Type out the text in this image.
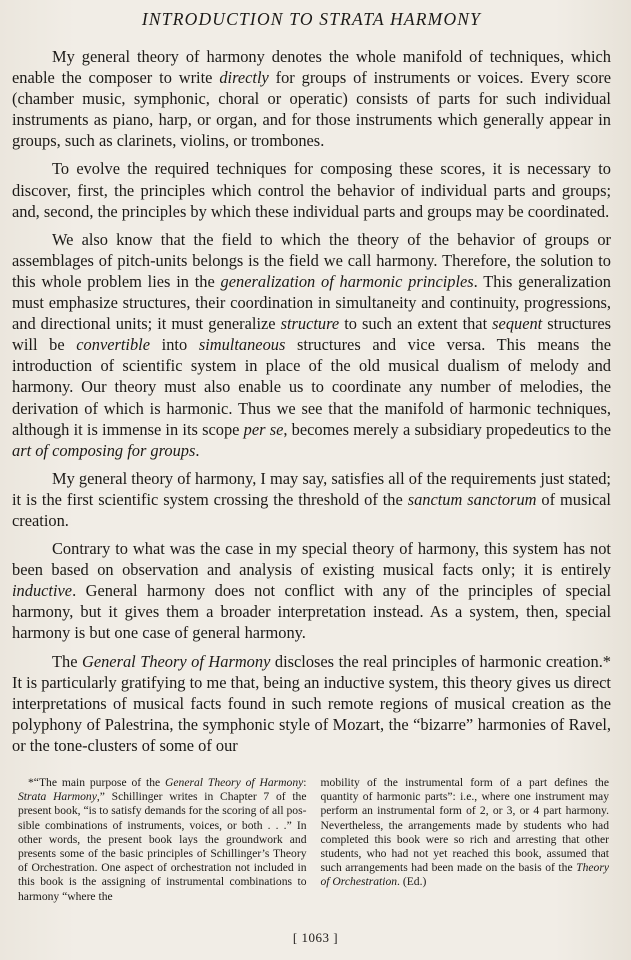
INTRODUCTION TO STRATA HARMONY

My general theory of harmony denotes the whole manifold of techniques, which enable the composer to write directly for groups of instruments or voices. Every score (chamber music, symphonic, choral or operatic) consists of parts for such individual instruments as piano, harp, or organ, and for those instruments which generally appear in groups, such as clarinets, violins, or trombones.

To evolve the required techniques for composing these scores, it is necessary to discover, first, the principles which control the behavior of individual parts and groups; and, second, the principles by which these individual parts and groups may be coordinated.

We also know that the field to which the theory of the behavior of groups or assemblages of pitch-units belongs is the field we call harmony. Therefore, the solution to this whole problem lies in the generalization of harmonic principles. This generalization must emphasize structures, their coordination in simultaneity and continuity, progressions, and directional units; it must generalize structure to such an extent that sequent structures will be convertible into simultaneous structures and vice versa. This means the introduction of scientific system in place of the old musical dualism of melody and harmony. Our theory must also enable us to coordinate any number of melodies, the derivation of which is harmonic. Thus we see that the manifold of harmonic techniques, although it is immense in its scope per se, becomes merely a subsidiary propedeutics to the art of composing for groups.

My general theory of harmony, I may say, satisfies all of the requirements just stated; it is the first scientific system crossing the threshold of the sanctum sanctorum of musical creation.

Contrary to what was the case in my special theory of harmony, this system has not been based on observation and analysis of existing musical facts only; it is entirely inductive. General harmony does not conflict with any of the principles of special harmony, but it gives them a broader interpretation instead. As a system, then, special harmony is but one case of general harmony.

The General Theory of Harmony discloses the real principles of harmonic creation.* It is particularly gratifying to me that, being an inductive system, this theory gives us direct interpretations of musical facts found in such remote regions of musical creation as the polyphony of Palestrina, the symphonic style of Mozart, the “bizarre” harmonies of Ravel, or the tone-clusters of some of our

*“The main purpose of the General Theory of Harmony: Strata Harmony,” Schillinger writes in Chapter 7 of the present book, “is to satisfy demands for the scoring of all possible combinations of instruments, voices, or both . . .” In other words, the present book lays the groundwork and presents some of the basic principles of Schillinger’s Theory of Orchestration. One aspect of orchestration not included in this book is the assigning of instrumental combinations to harmony “where the

mobility of the instrumental form of a part defines the quantity of harmonic parts”: i.e., where one instrument may perform an instrumental form of 2, or 3, or 4 part harmony. Nevertheless, the arrangements made by students who had completed this book were so rich and arresting that other students, who had not yet reached this book, assumed that such arrangements had been made on the basis of the Theory of Orchestration. (Ed.)

[ 1063 ]
